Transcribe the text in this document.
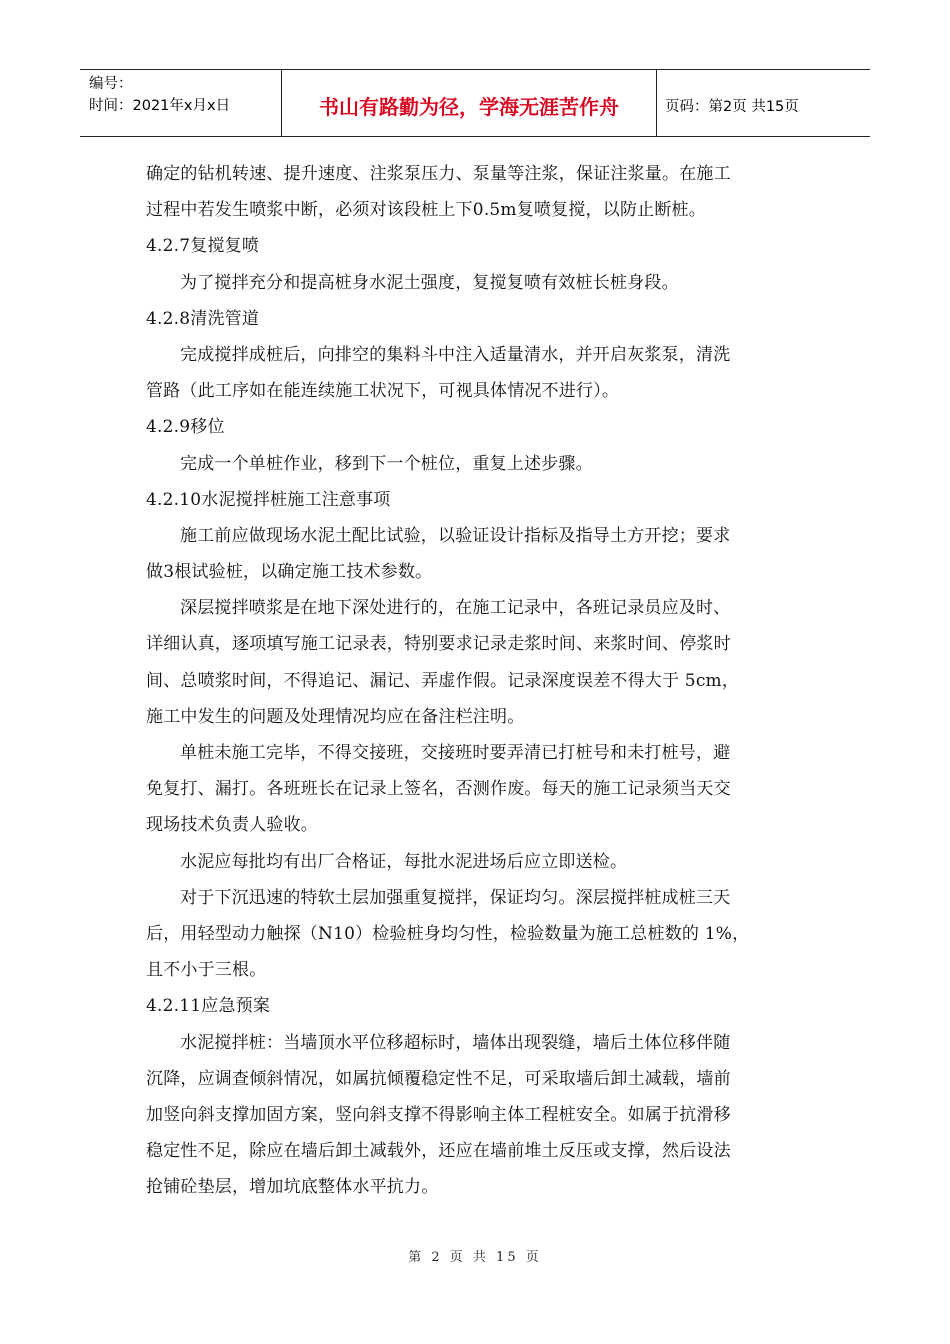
编号：
时间：2021年x月x日	书山有路勤为径，学海无涯苦作舟	页码：第2页 共15页
确定的钻机转速、提升速度、注浆泵压力、泵量等注浆，保证注浆量。在施工
过程中若发生喷浆中断，必须对该段桩上下0.5m复喷复搅，以防止断桩。
4.2.7复搅复喷
为了搅拌充分和提高桩身水泥土强度，复搅复喷有效桩长桩身段。
4.2.8清洗管道
完成搅拌成桩后，向排空的集料斗中注入适量清水，并开启灰浆泵，清洗
管路（此工序如在能连续施工状况下，可视具体情况不进行）。
4.2.9移位
完成一个单桩作业，移到下一个桩位，重复上述步骤。
4.2.10水泥搅拌桩施工注意事项
施工前应做现场水泥土配比试验，以验证设计指标及指导土方开挖；要求
做3根试验桩，以确定施工技术参数。
深层搅拌喷浆是在地下深处进行的，在施工记录中，各班记录员应及时、
详细认真，逐项填写施工记录表，特别要求记录走浆时间、来浆时间、停浆时
间、总喷浆时间，不得追记、漏记、弄虚作假。记录深度误差不得大于 5cm，
施工中发生的问题及处理情况均应在备注栏注明。
单桩未施工完毕，不得交接班，交接班时要弄清已打桩号和未打桩号，避
免复打、漏打。各班班长在记录上签名，否测作废。每天的施工记录须当天交
现场技术负责人验收。
水泥应每批均有出厂合格证，每批水泥进场后应立即送检。
对于下沉迅速的特软土层加强重复搅拌，保证均匀。深层搅拌桩成桩三天
后，用轻型动力触探（N10）检验桩身均匀性，检验数量为施工总桩数的 1%，
且不小于三根。
4.2.11应急预案
水泥搅拌桩：当墙顶水平位移超标时，墙体出现裂缝，墙后土体位移伴随
沉降，应调查倾斜情况，如属抗倾覆稳定性不足，可采取墙后卸土减载，墙前
加竖向斜支撑加固方案，竖向斜支撑不得影响主体工程桩安全。如属于抗滑移
稳定性不足，除应在墙后卸土减载外，还应在墙前堆土反压或支撑，然后设法
抢铺砼垫层，增加坑底整体水平抗力。
第 2 页 共 15 页
